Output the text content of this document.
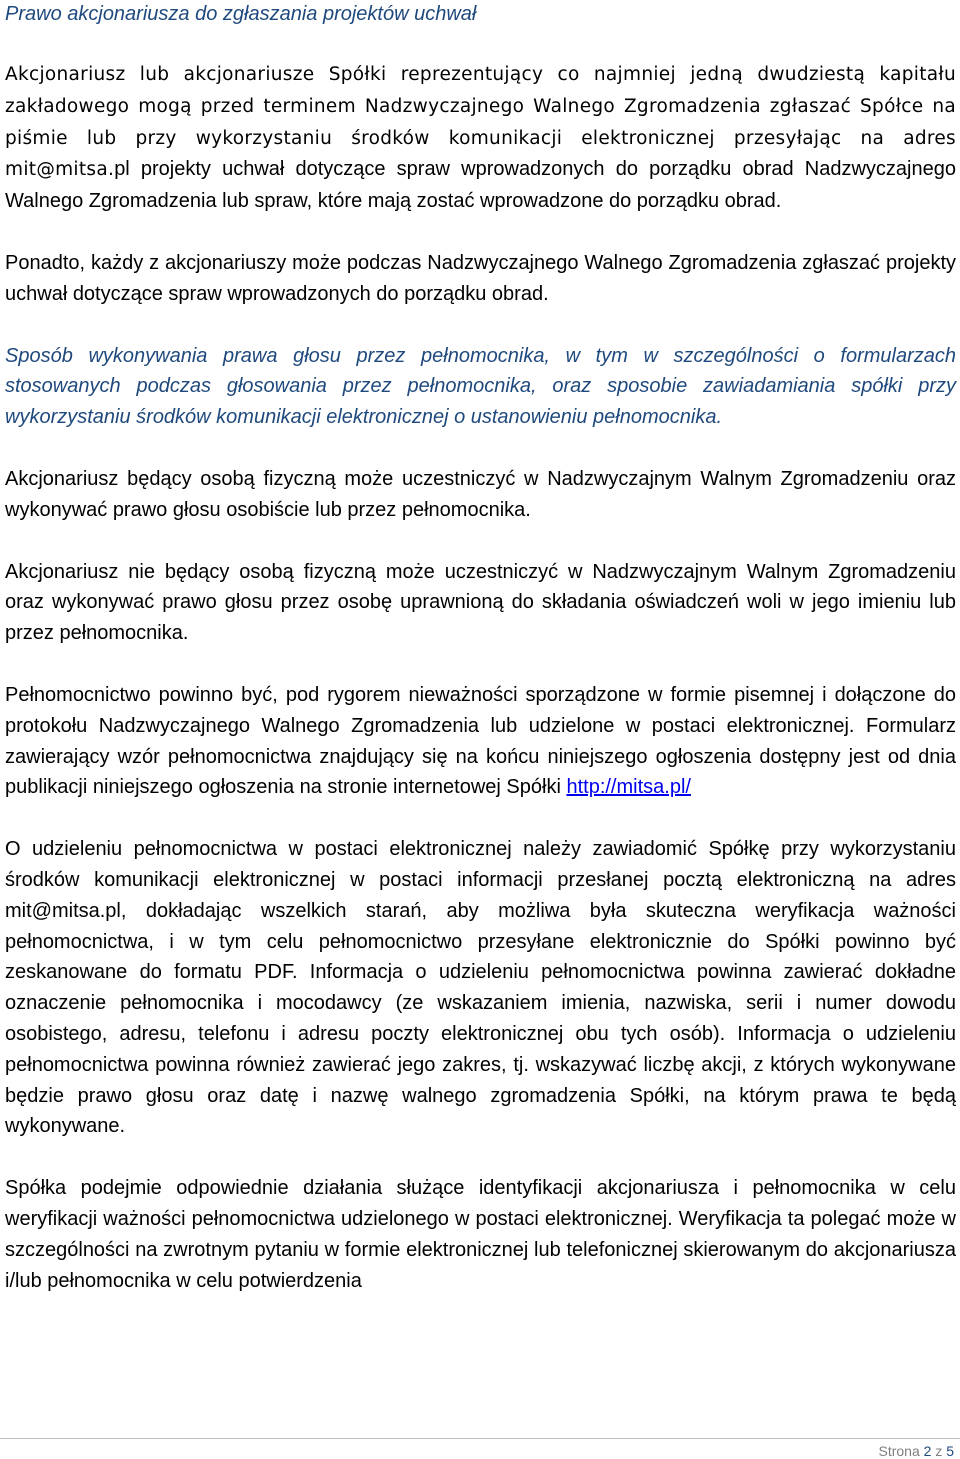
Prawo akcjonariusza do zgłaszania projektów uchwał

Akcjonariusz lub akcjonariusze Spółki reprezentujący co najmniej jedną dwudziestą kapitału zakładowego mogą przed terminem Nadzwyczajnego Walnego Zgromadzenia zgłaszać Spółce na piśmie lub przy wykorzystaniu środków komunikacji elektronicznej przesyłając na adres mit@mitsa.pl projekty uchwał dotyczące spraw wprowadzonych do porządku obrad Nadzwyczajnego Walnego Zgromadzenia lub spraw, które mają zostać wprowadzone do porządku obrad.

Ponadto, każdy z akcjonariuszy może podczas Nadzwyczajnego Walnego Zgromadzenia zgłaszać projekty uchwał dotyczące spraw wprowadzonych do porządku obrad.

Sposób wykonywania prawa głosu przez pełnomocnika, w tym w szczególności o formularzach stosowanych podczas głosowania przez pełnomocnika, oraz sposobie zawiadamiania spółki przy wykorzystaniu środków komunikacji elektronicznej o ustanowieniu pełnomocnika.

Akcjonariusz będący osobą fizyczną może uczestniczyć w Nadzwyczajnym Walnym Zgromadzeniu oraz wykonywać prawo głosu osobiście lub przez pełnomocnika.

Akcjonariusz nie będący osobą fizyczną może uczestniczyć w Nadzwyczajnym Walnym Zgromadzeniu oraz wykonywać prawo głosu przez osobę uprawnioną do składania oświadczeń woli w jego imieniu lub przez pełnomocnika.

Pełnomocnictwo powinno być, pod rygorem nieważności sporządzone w formie pisemnej i dołączone do protokołu Nadzwyczajnego Walnego Zgromadzenia lub udzielone w postaci elektronicznej. Formularz zawierający wzór pełnomocnictwa znajdujący się na końcu niniejszego ogłoszenia dostępny jest od dnia publikacji niniejszego ogłoszenia na stronie internetowej Spółki http://mitsa.pl/

O udzieleniu pełnomocnictwa w postaci elektronicznej należy zawiadomić Spółkę przy wykorzystaniu środków komunikacji elektronicznej w postaci informacji przesłanej pocztą elektroniczną na adres mit@mitsa.pl, dokładając wszelkich starań, aby możliwa była skuteczna weryfikacja ważności pełnomocnictwa, i w tym celu pełnomocnictwo przesyłane elektronicznie do Spółki powinno być zeskanowane do formatu PDF. Informacja o udzieleniu pełnomocnictwa powinna zawierać dokładne oznaczenie pełnomocnika i mocodawcy (ze wskazaniem imienia, nazwiska, serii i numer dowodu osobistego, adresu, telefonu i adresu poczty elektronicznej obu tych osób). Informacja o udzieleniu pełnomocnictwa powinna również zawierać jego zakres, tj. wskazywać liczbę akcji, z których wykonywane będzie prawo głosu oraz datę i nazwę walnego zgromadzenia Spółki, na którym prawa te będą wykonywane.

Spółka podejmie odpowiednie działania służące identyfikacji akcjonariusza i pełnomocnika w celu weryfikacji ważności pełnomocnictwa udzielonego w postaci elektronicznej. Weryfikacja ta polegać może w szczególności na zwrotnym pytaniu w formie elektronicznej lub telefonicznej skierowanym do akcjonariusza i/lub pełnomocnika w celu potwierdzenia

Strona 2 z 5
